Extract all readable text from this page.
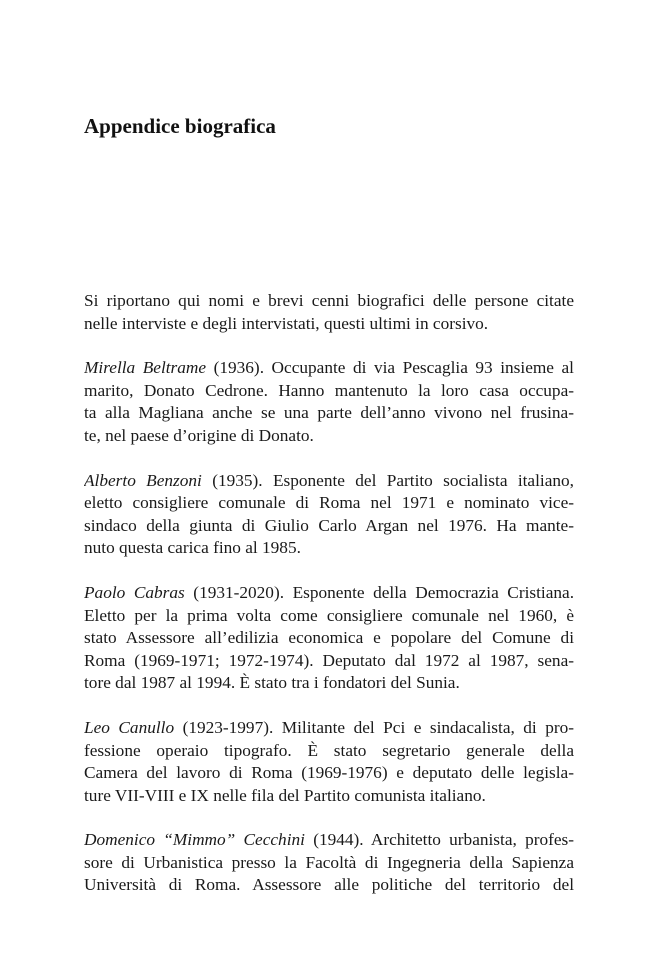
Appendice biografica

Si riportano qui nomi e brevi cenni biografici delle persone citate
nelle interviste e degli intervistati, questi ultimi in corsivo.

Mirella Beltrame (1936). Occupante di via Pescaglia 93 insieme al
marito, Donato Cedrone. Hanno mantenuto la loro casa occupa-
ta alla Magliana anche se una parte dell’anno vivono nel frusina-
te, nel paese d’origine di Donato.

Alberto Benzoni (1935). Esponente del Partito socialista italiano,
eletto consigliere comunale di Roma nel 1971 e nominato vice-
sindaco della giunta di Giulio Carlo Argan nel 1976. Ha mante-
nuto questa carica fino al 1985.

Paolo Cabras (1931-2020). Esponente della Democrazia Cristiana.
Eletto per la prima volta come consigliere comunale nel 1960, è
stato Assessore all’edilizia economica e popolare del Comune di
Roma (1969-1971; 1972-1974). Deputato dal 1972 al 1987, sena-
tore dal 1987 al 1994. È stato tra i fondatori del Sunia.

Leo Canullo (1923-1997). Militante del Pci e sindacalista, di pro-
fessione operaio tipografo. È stato segretario generale della
Camera del lavoro di Roma (1969-1976) e deputato delle legisla-
ture VII-VIII e IX nelle fila del Partito comunista italiano.

Domenico “Mimmo” Cecchini (1944). Architetto urbanista, profes-
sore di Urbanistica presso la Facoltà di Ingegneria della Sapienza
Università di Roma. Assessore alle politiche del territorio del
